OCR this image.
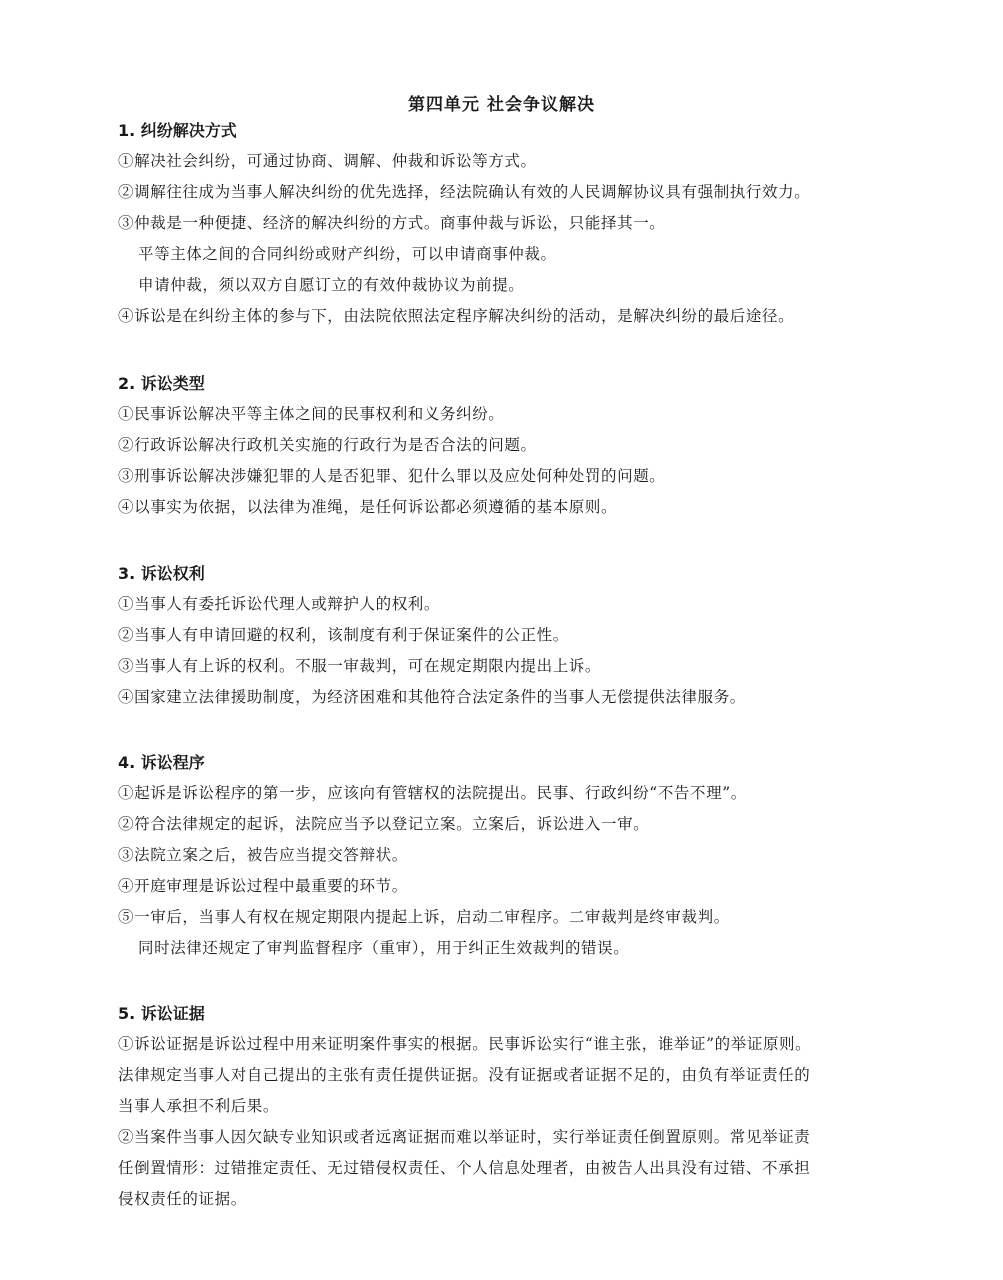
第四单元 社会争议解决
1. 纠纷解决方式
①解决社会纠纷，可通过协商、调解、仲裁和诉讼等方式。
②调解往往成为当事人解决纠纷的优先选择，经法院确认有效的人民调解协议具有强制执行效力。
③仲裁是一种便捷、经济的解决纠纷的方式。商事仲裁与诉讼，只能择其一。
平等主体之间的合同纠纷或财产纠纷，可以申请商事仲裁。
申请仲裁，须以双方自愿订立的有效仲裁协议为前提。
④诉讼是在纠纷主体的参与下，由法院依照法定程序解决纠纷的活动，是解决纠纷的最后途径。
2. 诉讼类型
①民事诉讼解决平等主体之间的民事权利和义务纠纷。
②行政诉讼解决行政机关实施的行政行为是否合法的问题。
③刑事诉讼解决涉嫌犯罪的人是否犯罪、犯什么罪以及应处何种处罚的问题。
④以事实为依据，以法律为准绳，是任何诉讼都必须遵循的基本原则。
3. 诉讼权利
①当事人有委托诉讼代理人或辩护人的权利。
②当事人有申请回避的权利，该制度有利于保证案件的公正性。
③当事人有上诉的权利。不服一审裁判，可在规定期限内提出上诉。
④国家建立法律援助制度，为经济困难和其他符合法定条件的当事人无偿提供法律服务。
4. 诉讼程序
①起诉是诉讼程序的第一步，应该向有管辖权的法院提出。民事、行政纠纷“不告不理”。
②符合法律规定的起诉，法院应当予以登记立案。立案后，诉讼进入一审。
③法院立案之后，被告应当提交答辩状。
④开庭审理是诉讼过程中最重要的环节。
⑤一审后，当事人有权在规定期限内提起上诉，启动二审程序。二审裁判是终审裁判。
同时法律还规定了审判监督程序（重审），用于纠正生效裁判的错误。
5. 诉讼证据
①诉讼证据是诉讼过程中用来证明案件事实的根据。民事诉讼实行“谁主张，谁举证”的举证原则。
法律规定当事人对自己提出的主张有责任提供证据。没有证据或者证据不足的，由负有举证责任的
当事人承担不利后果。
②当案件当事人因欠缺专业知识或者远离证据而难以举证时，实行举证责任倒置原则。常见举证责
任倒置情形：过错推定责任、无过错侵权责任、个人信息处理者，由被告人出具没有过错、不承担
侵权责任的证据。
